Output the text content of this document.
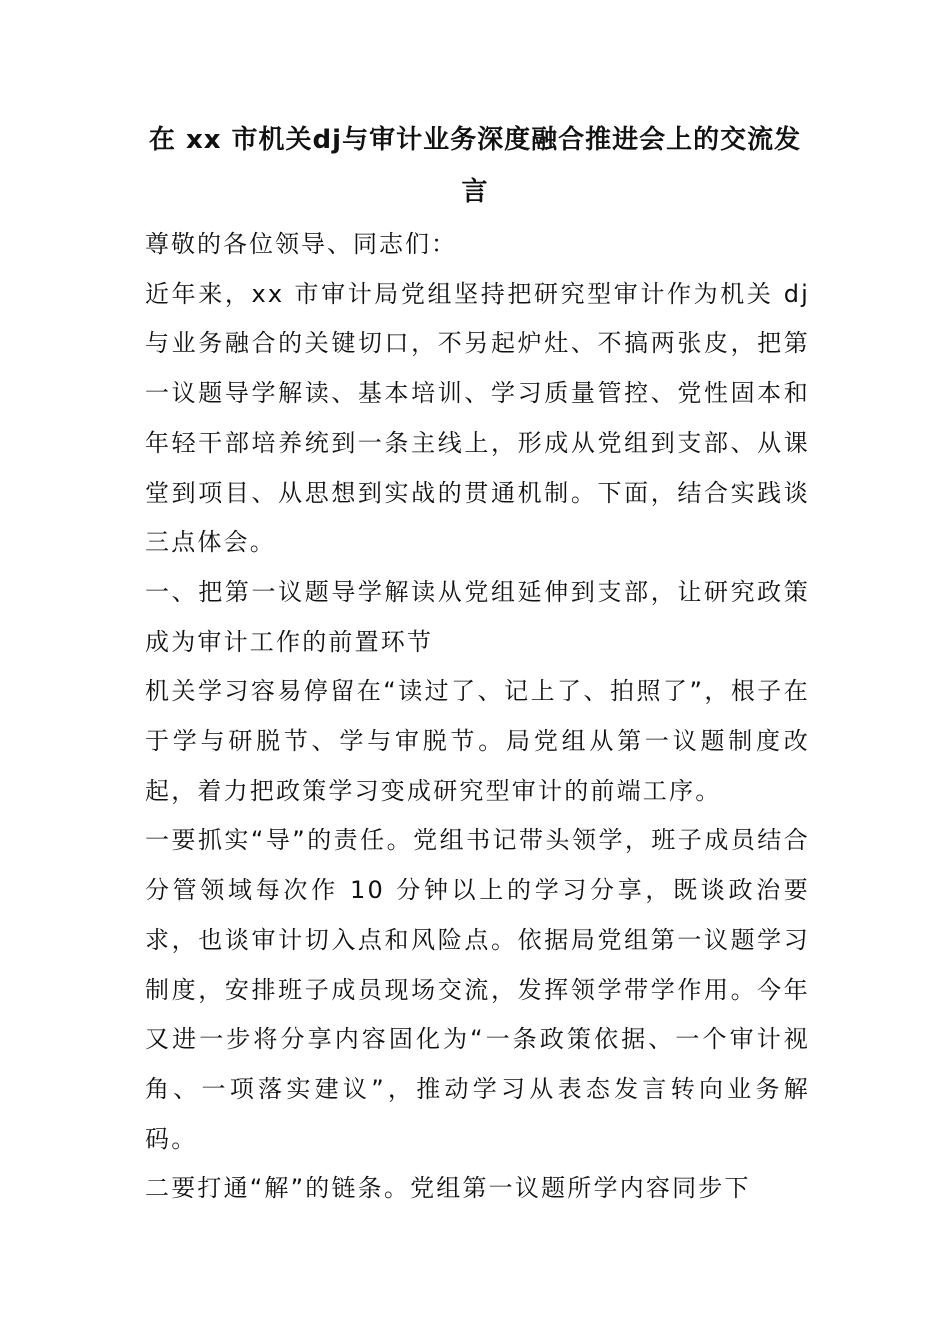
在 xx 市机关dj与审计业务深度融合推进会上的交流发言

尊敬的各位领导、同志们：

近年来，xx 市审计局党组坚持把研究型审计作为机关 dj 与业务融合的关键切口，不另起炉灶、不搞两张皮，把第一议题导学解读、基本培训、学习质量管控、党性固本和年轻干部培养统到一条主线上，形成从党组到支部、从课堂到项目、从思想到实战的贯通机制。下面，结合实践谈三点体会。

一、把第一议题导学解读从党组延伸到支部，让研究政策成为审计工作的前置环节

机关学习容易停留在“读过了、记上了、拍照了”，根子在于学与研脱节、学与审脱节。局党组从第一议题制度改起，着力把政策学习变成研究型审计的前端工序。

一要抓实“导”的责任。党组书记带头领学，班子成员结合分管领域每次作 10 分钟以上的学习分享，既谈政治要求，也谈审计切入点和风险点。依据局党组第一议题学习制度，安排班子成员现场交流，发挥领学带学作用。今年又进一步将分享内容固化为“一条政策依据、一个审计视角、一项落实建议”，推动学习从表态发言转向业务解码。

二要打通“解”的链条。党组第一议题所学内容同步下
